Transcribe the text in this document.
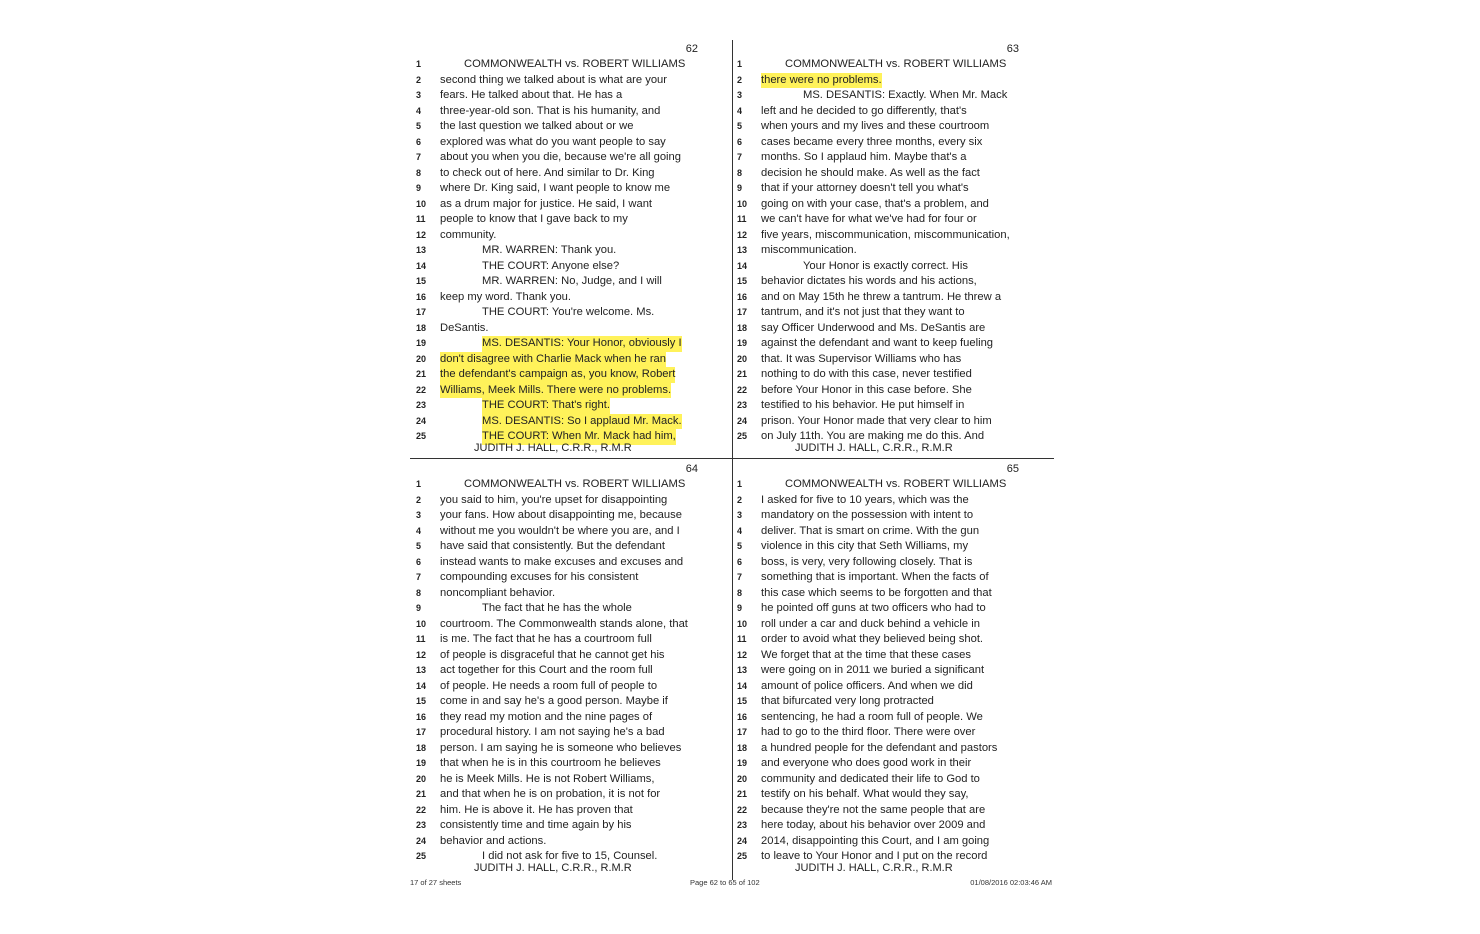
62
1	COMMONWEALTH vs. ROBERT WILLIAMS
2	second thing we talked about is what are your
3	fears. He talked about that. He has a
4	three-year-old son. That is his humanity, and
5	the last question we talked about or we
6	explored was what do you want people to say
7	about you when you die, because we're all going
8	to check out of here. And similar to Dr. King
9	where Dr. King said, I want people to know me
10	as a drum major for justice. He said, I want
11	people to know that I gave back to my
12	community.
13	MR. WARREN: Thank you.
14	THE COURT: Anyone else?
15	MR. WARREN: No, Judge, and I will
16	keep my word. Thank you.
17	THE COURT: You're welcome. Ms.
18	DeSantis.
19	MS. DESANTIS: Your Honor, obviously I
20	don't disagree with Charlie Mack when he ran
21	the defendant's campaign as, you know, Robert
22	Williams, Meek Mills. There were no problems.
23	THE COURT: That's right.
24	MS. DESANTIS: So I applaud Mr. Mack.
25	THE COURT: When Mr. Mack had him,
JUDITH J. HALL, C.R.R., R.M.R
63
1	COMMONWEALTH vs. ROBERT WILLIAMS
2	there were no problems.
3	MS. DESANTIS: Exactly. When Mr. Mack
4	left and he decided to go differently, that's
5	when yours and my lives and these courtroom
6	cases became every three months, every six
7	months. So I applaud him. Maybe that's a
8	decision he should make. As well as the fact
9	that if your attorney doesn't tell you what's
10	going on with your case, that's a problem, and
11	we can't have for what we've had for four or
12	five years, miscommunication, miscommunication,
13	miscommunication.
14	Your Honor is exactly correct. His
15	behavior dictates his words and his actions,
16	and on May 15th he threw a tantrum. He threw a
17	tantrum, and it's not just that they want to
18	say Officer Underwood and Ms. DeSantis are
19	against the defendant and want to keep fueling
20	that. It was Supervisor Williams who has
21	nothing to do with this case, never testified
22	before Your Honor in this case before. She
23	testified to his behavior. He put himself in
24	prison. Your Honor made that very clear to him
25	on July 11th. You are making me do this. And
JUDITH J. HALL, C.R.R., R.M.R
64
1	COMMONWEALTH vs. ROBERT WILLIAMS
2	you said to him, you're upset for disappointing
3	your fans. How about disappointing me, because
4	without me you wouldn't be where you are, and I
5	have said that consistently. But the defendant
6	instead wants to make excuses and excuses and
7	compounding excuses for his consistent
8	noncompliant behavior.
9	The fact that he has the whole
10	courtroom. The Commonwealth stands alone, that
11	is me. The fact that he has a courtroom full
12	of people is disgraceful that he cannot get his
13	act together for this Court and the room full
14	of people. He needs a room full of people to
15	come in and say he's a good person. Maybe if
16	they read my motion and the nine pages of
17	procedural history. I am not saying he's a bad
18	person. I am saying he is someone who believes
19	that when he is in this courtroom he believes
20	he is Meek Mills. He is not Robert Williams,
21	and that when he is on probation, it is not for
22	him. He is above it. He has proven that
23	consistently time and time again by his
24	behavior and actions.
25	I did not ask for five to 15, Counsel.
JUDITH J. HALL, C.R.R., R.M.R
65
1	COMMONWEALTH vs. ROBERT WILLIAMS
2	I asked for five to 10 years, which was the
3	mandatory on the possession with intent to
4	deliver. That is smart on crime. With the gun
5	violence in this city that Seth Williams, my
6	boss, is very, very following closely. That is
7	something that is important. When the facts of
8	this case which seems to be forgotten and that
9	he pointed off guns at two officers who had to
10	roll under a car and duck behind a vehicle in
11	order to avoid what they believed being shot.
12	We forget that at the time that these cases
13	were going on in 2011 we buried a significant
14	amount of police officers. And when we did
15	that bifurcated very long protracted
16	sentencing, he had a room full of people. We
17	had to go to the third floor. There were over
18	a hundred people for the defendant and pastors
19	and everyone who does good work in their
20	community and dedicated their life to God to
21	testify on his behalf. What would they say,
22	because they're not the same people that are
23	here today, about his behavior over 2009 and
24	2014, disappointing this Court, and I am going
25	to leave to Your Honor and I put on the record
JUDITH J. HALL, C.R.R., R.M.R
17 of 27 sheets	Page 62 to 65 of 102	01/08/2016 02:03:46 AM
